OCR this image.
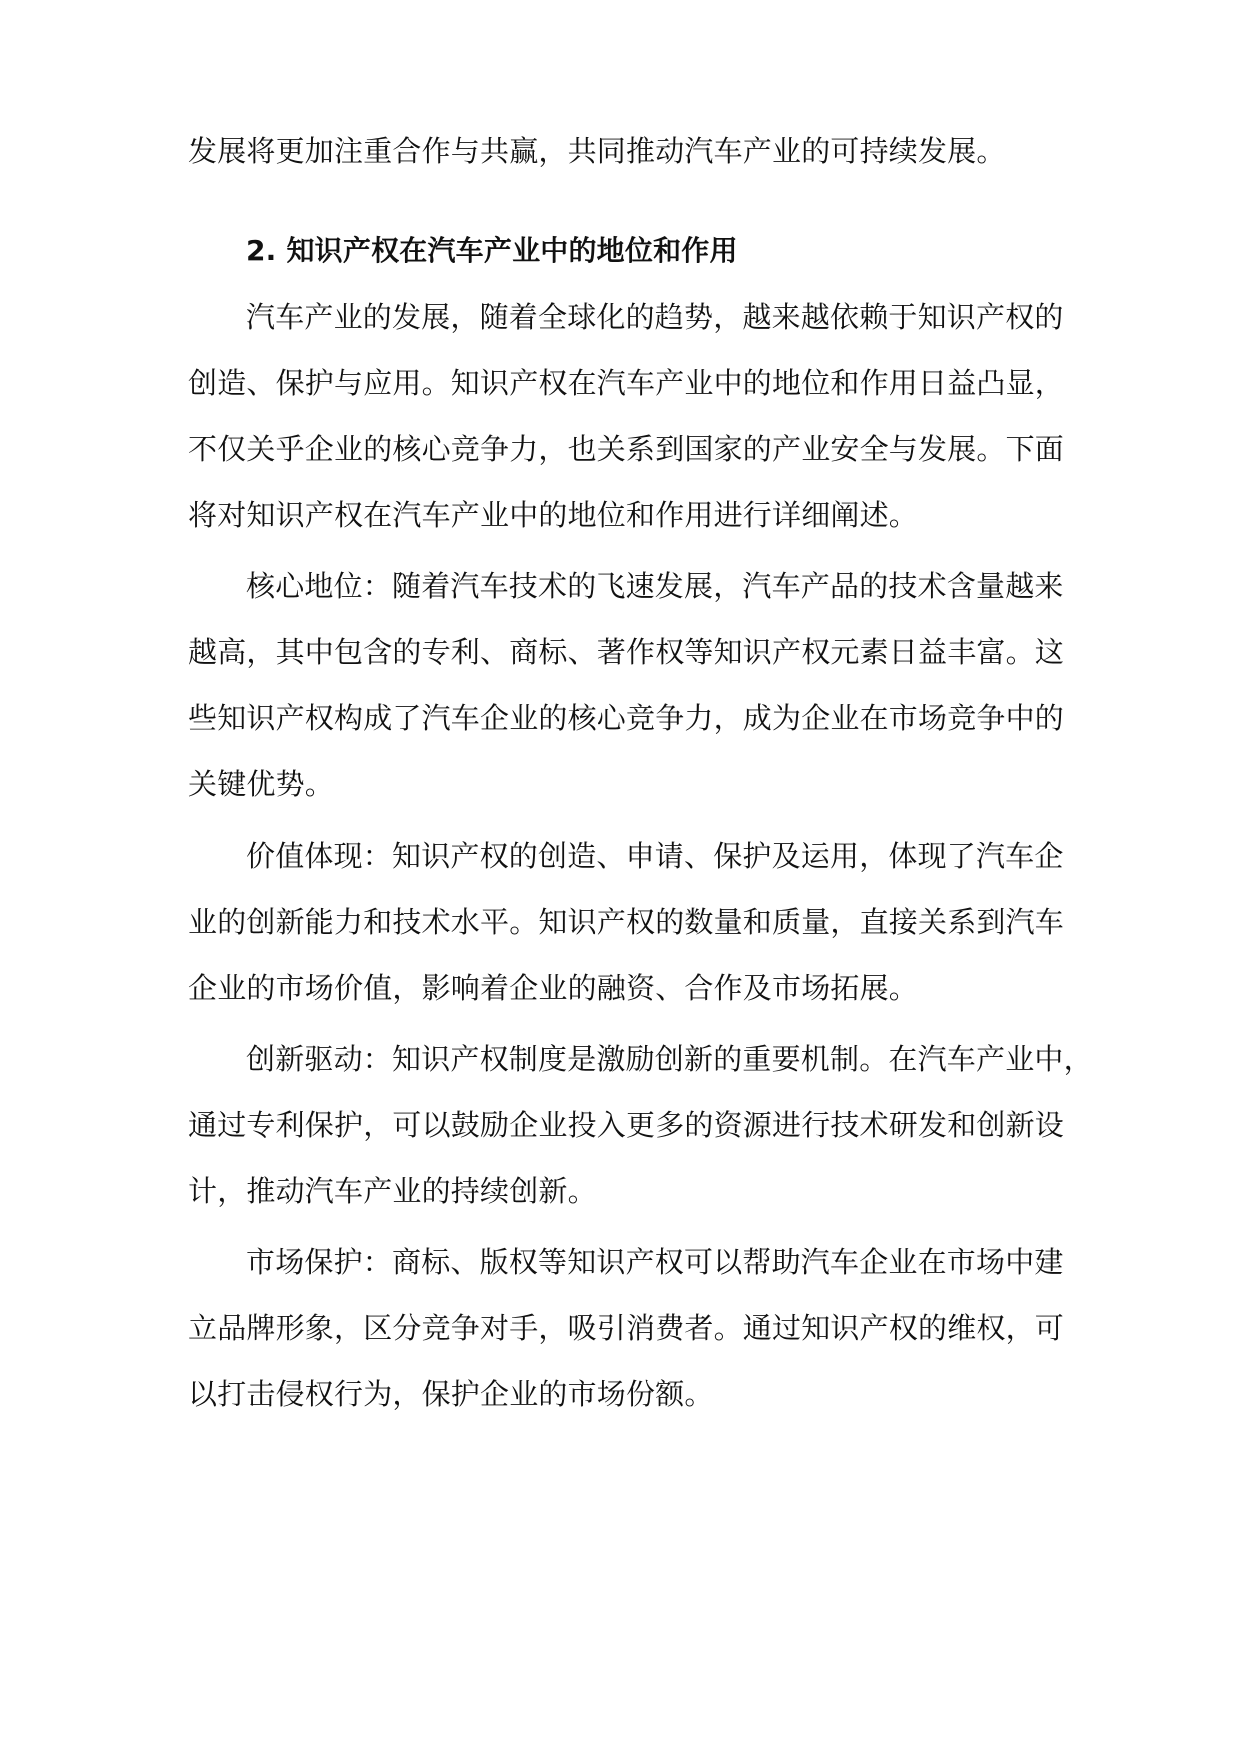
发展将更加注重合作与共赢，共同推动汽车产业的可持续发展。
2. 知识产权在汽车产业中的地位和作用
汽车产业的发展，随着全球化的趋势，越来越依赖于知识产权的
创造、保护与应用。知识产权在汽车产业中的地位和作用日益凸显，
不仅关乎企业的核心竞争力，也关系到国家的产业安全与发展。下面
将对知识产权在汽车产业中的地位和作用进行详细阐述。
核心地位：随着汽车技术的飞速发展，汽车产品的技术含量越来
越高，其中包含的专利、商标、著作权等知识产权元素日益丰富。这
些知识产权构成了汽车企业的核心竞争力，成为企业在市场竞争中的
关键优势。
价值体现：知识产权的创造、申请、保护及运用，体现了汽车企
业的创新能力和技术水平。知识产权的数量和质量，直接关系到汽车
企业的市场价值，影响着企业的融资、合作及市场拓展。
创新驱动：知识产权制度是激励创新的重要机制。在汽车产业中，
通过专利保护，可以鼓励企业投入更多的资源进行技术研发和创新设
计，推动汽车产业的持续创新。
市场保护：商标、版权等知识产权可以帮助汽车企业在市场中建
立品牌形象，区分竞争对手，吸引消费者。通过知识产权的维权，可
以打击侵权行为，保护企业的市场份额。
